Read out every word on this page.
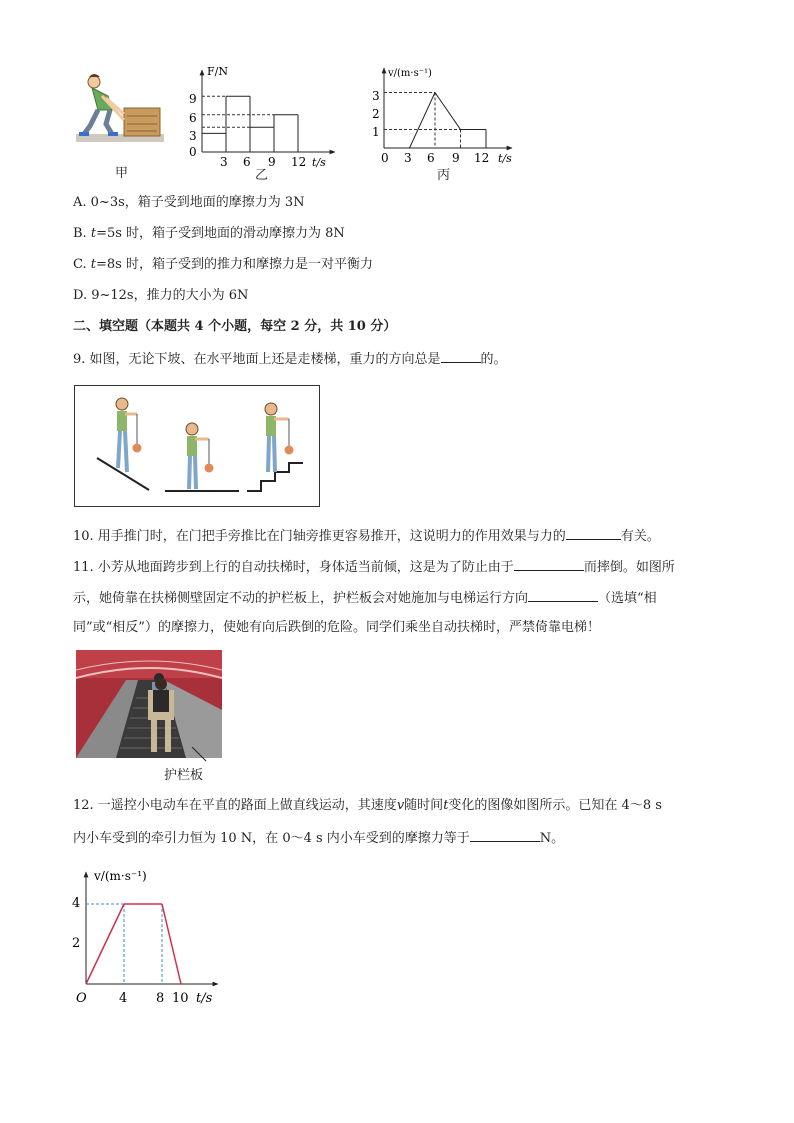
甲
F/N
9
6
3
0
3 6 9 12 t/s
乙
v/(m·s⁻¹)
3
2
1
0 3 6 9 12 t/s
丙
A. 0~3s，箱子受到地面的摩擦力为 3N
B. t=5s 时，箱子受到地面的滑动摩擦力为 8N
C. t=8s 时，箱子受到的推力和摩擦力是一对平衡力
D. 9~12s，推力的大小为 6N
二、填空题（本题共 4 个小题，每空 2 分，共 10 分）
9. 如图，无论下坡、在水平地面上还是走楼梯，重力的方向总是	的。
10. 用手推门时，在门把手旁推比在门轴旁推更容易推开，这说明力的作用效果与力的	有关。
11. 小芳从地面跨步到上行的自动扶梯时，身体适当前倾，这是为了防止由于	而摔倒。如图所
示，她倚靠在扶梯侧壁固定不动的护栏板上，护栏板会对她施加与电梯运行方向	（选填“相
同”或“相反”）的摩擦力，使她有向后跌倒的危险。同学们乘坐自动扶梯时，严禁倚靠电梯！
护栏板
12. 一遥控小电动车在平直的路面上做直线运动，其速度v随时间t变化的图像如图所示。已知在 4～8 s
内小车受到的牵引力恒为 10 N，在 0～4 s 内小车受到的摩擦力等于	N。
v/(m·s⁻¹)
4
2
O 4 8 10 t/s
